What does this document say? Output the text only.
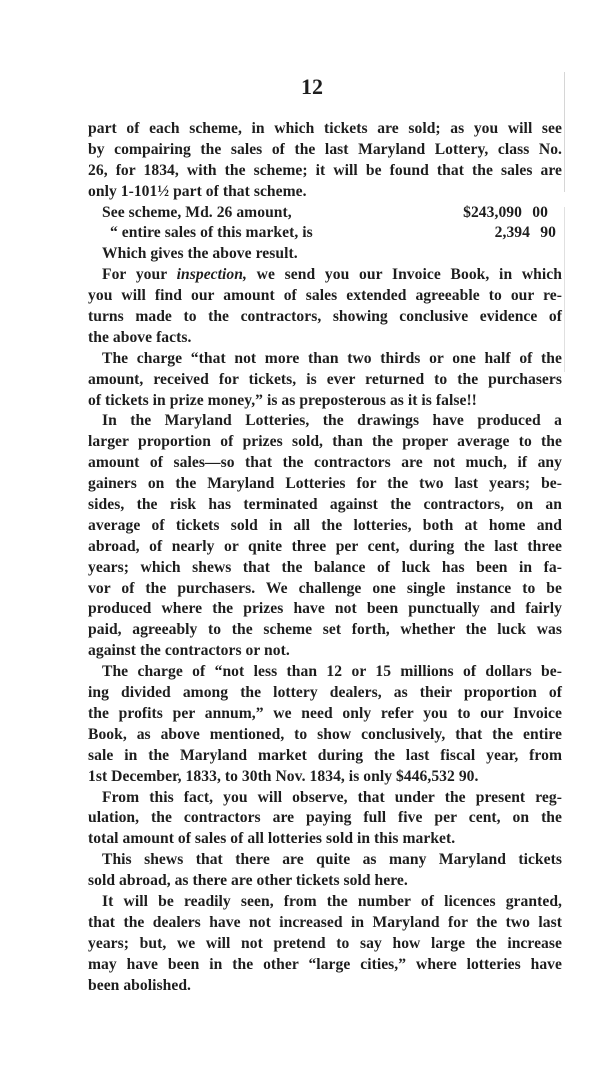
12
part of each scheme, in which tickets are sold; as you will see
by compairing the sales of the last Maryland Lottery, class No.
26, for 1834, with the scheme; it will be found that the sales are
only 1-101½ part of that scheme.
See scheme, Md. 26 amount,	$243,090 00
“ entire sales of this market, is	2,394 90
Which gives the above result.
For your inspection, we send you our Invoice Book, in which
you will find our amount of sales extended agreeable to our re-
turns made to the contractors, showing conclusive evidence of
the above facts.
The charge “that not more than two thirds or one half of the
amount, received for tickets, is ever returned to the purchasers
of tickets in prize money,” is as preposterous as it is false!!
In the Maryland Lotteries, the drawings have produced a
larger proportion of prizes sold, than the proper average to the
amount of sales—so that the contractors are not much, if any
gainers on the Maryland Lotteries for the two last years; be-
sides, the risk has terminated against the contractors, on an
average of tickets sold in all the lotteries, both at home and
abroad, of nearly or qnite three per cent, during the last three
years; which shews that the balance of luck has been in fa-
vor of the purchasers. We challenge one single instance to be
produced where the prizes have not been punctually and fairly
paid, agreeably to the scheme set forth, whether the luck was
against the contractors or not.
The charge of “not less than 12 or 15 millions of dollars be-
ing divided among the lottery dealers, as their proportion of
the profits per annum,” we need only refer you to our Invoice
Book, as above mentioned, to show conclusively, that the entire
sale in the Maryland market during the last fiscal year, from
1st December, 1833, to 30th Nov. 1834, is only $446,532 90.
From this fact, you will observe, that under the present reg-
ulation, the contractors are paying full five per cent, on the
total amount of sales of all lotteries sold in this market.
This shews that there are quite as many Maryland tickets
sold abroad, as there are other tickets sold here.
It will be readily seen, from the number of licences granted,
that the dealers have not increased in Maryland for the two last
years; but, we will not pretend to say how large the increase
may have been in the other “large cities,” where lotteries have
been abolished.
